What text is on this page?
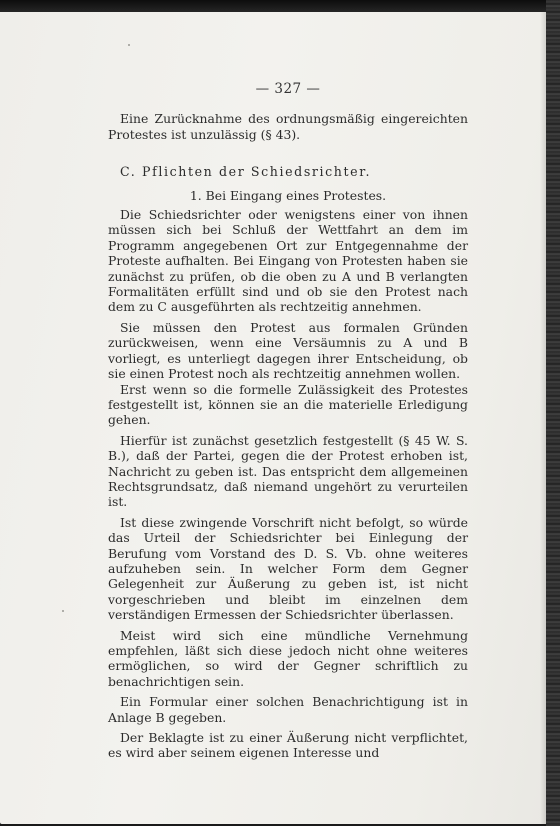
— 327 —

Eine Zurücknahme des ordnungsmäßig eingereichten Protestes ist unzulässig (§ 43).

C. Pflichten der Schiedsrichter.

1. Bei Eingang eines Protestes.

Die Schiedsrichter oder wenigstens einer von ihnen müssen sich bei Schluß der Wettfahrt an dem im Programm angegebenen Ort zur Entgegennahme der Proteste aufhalten. Bei Eingang von Protesten haben sie zunächst zu prüfen, ob die oben zu A und B verlangten Formalitäten erfüllt sind und ob sie den Protest nach dem zu C ausgeführten als rechtzeitig annehmen.

Sie müssen den Protest aus formalen Gründen zurückweisen, wenn eine Versäumnis zu A und B vorliegt, es unterliegt dagegen ihrer Entscheidung, ob sie einen Protest noch als rechtzeitig annehmen wollen.

Erst wenn so die formelle Zulässigkeit des Protestes festgestellt ist, können sie an die materielle Erledigung gehen.

Hierfür ist zunächst gesetzlich festgestellt (§ 45 W. S. B.), daß der Partei, gegen die der Protest erhoben ist, Nachricht zu geben ist. Das entspricht dem allgemeinen Rechtsgrundsatz, daß niemand ungehört zu verurteilen ist.

Ist diese zwingende Vorschrift nicht befolgt, so würde das Urteil der Schiedsrichter bei Einlegung der Berufung vom Vorstand des D. S. Vb. ohne weiteres aufzuheben sein. In welcher Form dem Gegner Gelegenheit zur Äußerung zu geben ist, ist nicht vorgeschrieben und bleibt im einzelnen dem verständigen Ermessen der Schiedsrichter überlassen.

Meist wird sich eine mündliche Vernehmung empfehlen, läßt sich diese jedoch nicht ohne weiteres ermöglichen, so wird der Gegner schriftlich zu benachrichtigen sein.

Ein Formular einer solchen Benachrichtigung ist in Anlage B gegeben.

Der Beklagte ist zu einer Äußerung nicht verpflichtet, es wird aber seinem eigenen Interesse und
